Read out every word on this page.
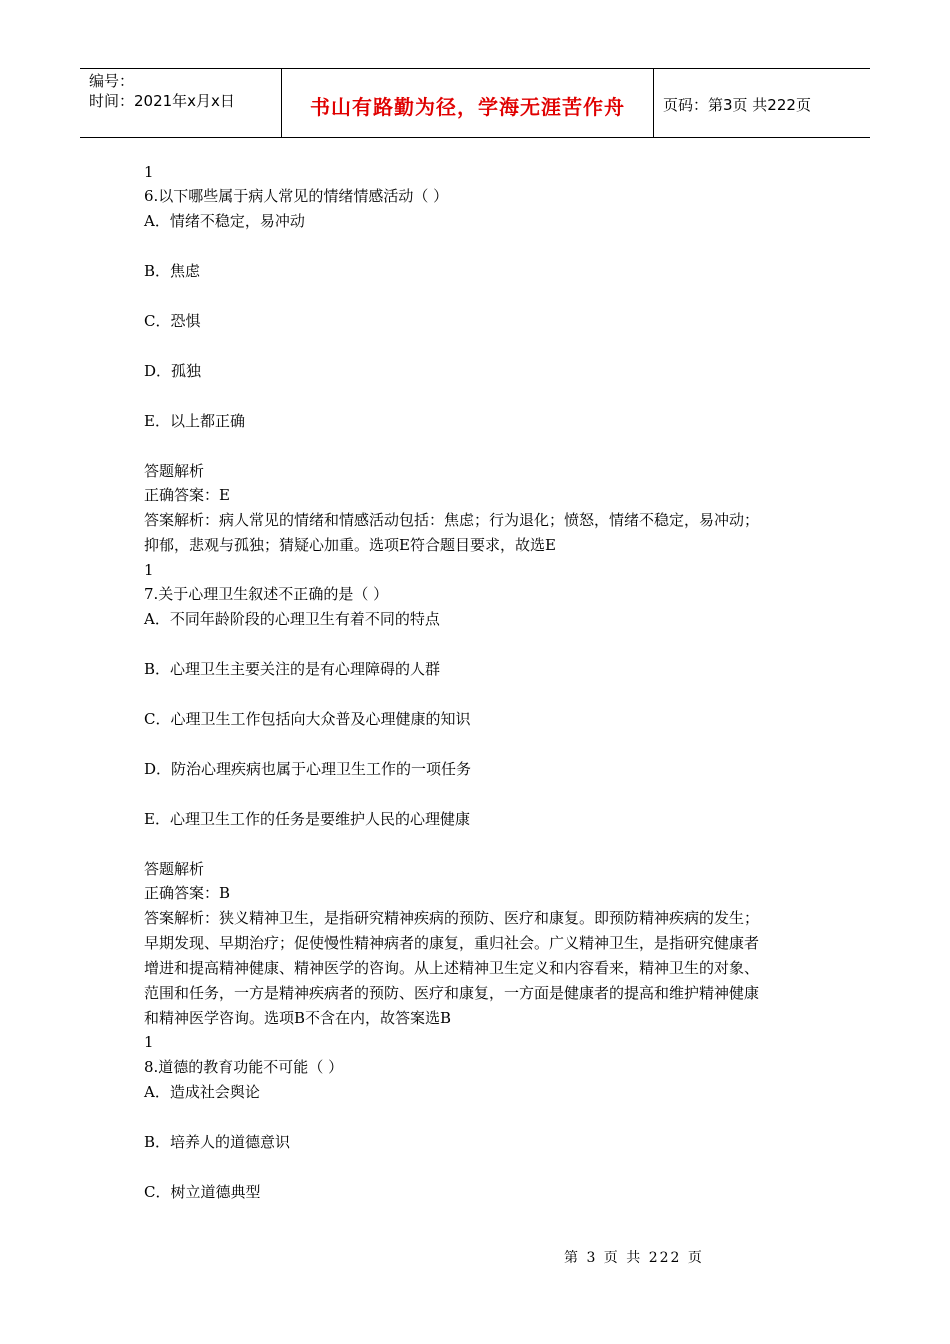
编号：
时间：2021年x月x日	书山有路勤为径，学海无涯苦作舟	页码：第3页 共222页
1
6.以下哪些属于病人常见的情绪情感活动（ ）
A．情绪不稳定，易冲动
B．焦虑
C．恐惧
D．孤独
E．以上都正确
答题解析
正确答案：E
答案解析：病人常见的情绪和情感活动包括：焦虑；行为退化；愤怒，情绪不稳定，易冲动；
抑郁，悲观与孤独；猜疑心加重。选项E符合题目要求，故选E
1
7.关于心理卫生叙述不正确的是（ ）
A．不同年龄阶段的心理卫生有着不同的特点
B．心理卫生主要关注的是有心理障碍的人群
C．心理卫生工作包括向大众普及心理健康的知识
D．防治心理疾病也属于心理卫生工作的一项任务
E．心理卫生工作的任务是要维护人民的心理健康
答题解析
正确答案：B
答案解析：狭义精神卫生，是指研究精神疾病的预防、医疗和康复。即预防精神疾病的发生；
早期发现、早期治疗；促使慢性精神病者的康复，重归社会。广义精神卫生，是指研究健康者
增进和提高精神健康、精神医学的咨询。从上述精神卫生定义和内容看来，精神卫生的对象、
范围和任务，一方是精神疾病者的预防、医疗和康复，一方面是健康者的提高和维护精神健康
和精神医学咨询。选项B不含在内，故答案选B
1
8.道德的教育功能不可能（ ）
A．造成社会舆论
B．培养人的道德意识
C．树立道德典型
第 3 页 共 222 页
